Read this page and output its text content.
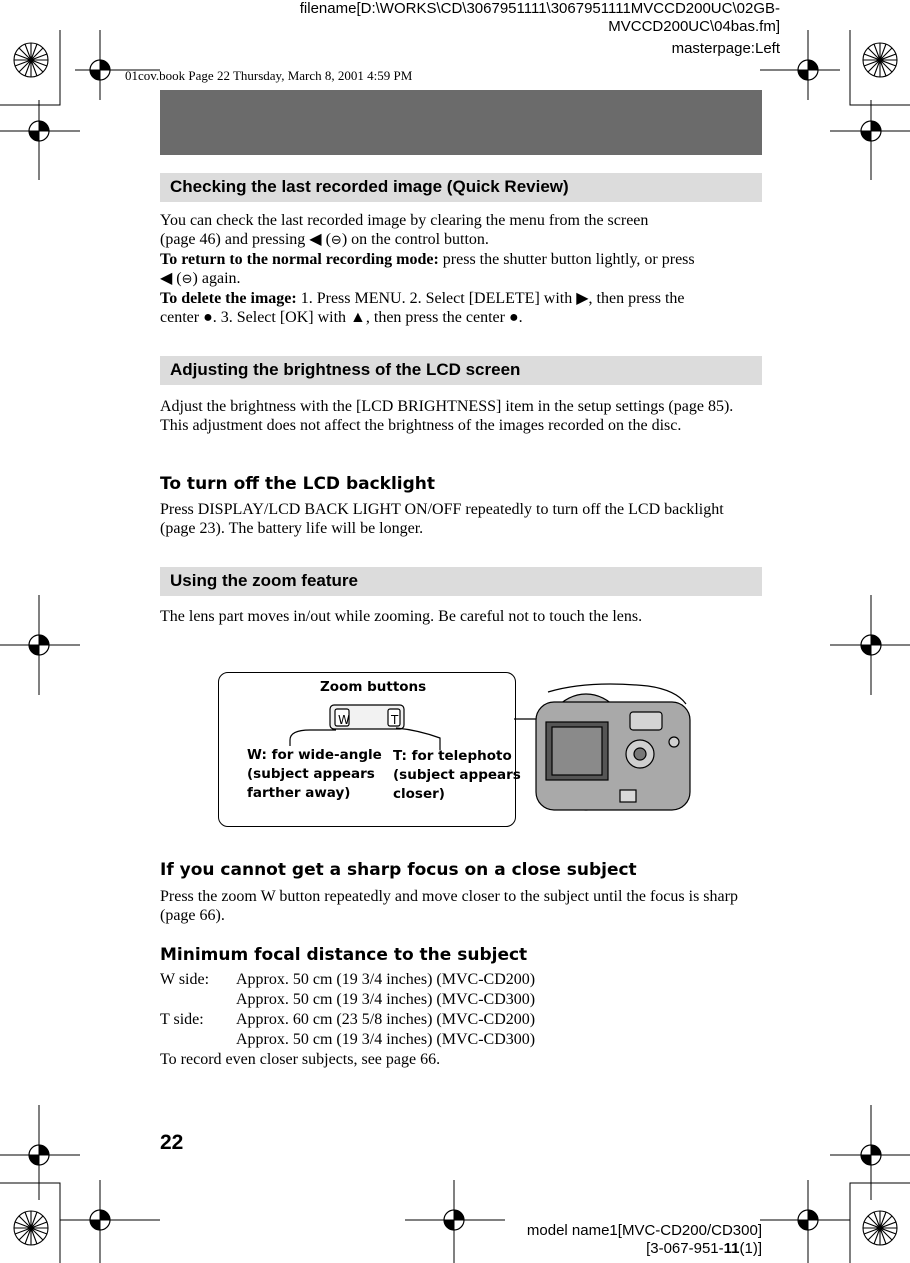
filename[D:\WORKS\CD\3067951111\3067951111MVCCD200UC\02GB-
MVCCD200UC\04bas.fm]
masterpage:Left
01cov.book Page 22 Thursday, March 8, 2001 4:59 PM
Checking the last recorded image (Quick Review)
You can check the last recorded image by clearing the menu from the screen
(page 46) and pressing ◀ (⊖) on the control button.
To return to the normal recording mode: press the shutter button lightly, or press
◀ (⊖) again.
To delete the image: 1. Press MENU. 2. Select [DELETE] with ▶, then press the
center ●. 3. Select [OK] with ▲, then press the center ●.
Adjusting the brightness of the LCD screen
Adjust the brightness with the [LCD BRIGHTNESS] item in the setup settings (page 85). This adjustment does not affect the brightness of the images recorded on the disc.
To turn off the LCD backlight
Press DISPLAY/LCD BACK LIGHT ON/OFF repeatedly to turn off the LCD backlight (page 23). The battery life will be longer.
Using the zoom feature
The lens part moves in/out while zooming. Be careful not to touch the lens.
Zoom buttons
W	T
W: for wide-angle
(subject appears
farther away)
T: for telephoto
(subject appears
closer)
If you cannot get a sharp focus on a close subject
Press the zoom W button repeatedly and move closer to the subject until the focus is sharp (page 66).
Minimum focal distance to the subject
W side:	Approx. 50 cm (19 3/4 inches) (MVC-CD200)
	Approx. 50 cm (19 3/4 inches) (MVC-CD300)
T side:	Approx. 60 cm (23 5/8 inches) (MVC-CD200)
	Approx. 50 cm (19 3/4 inches) (MVC-CD300)
To record even closer subjects, see page 66.
22
model name1[MVC-CD200/CD300]
[3-067-951-11(1)]
